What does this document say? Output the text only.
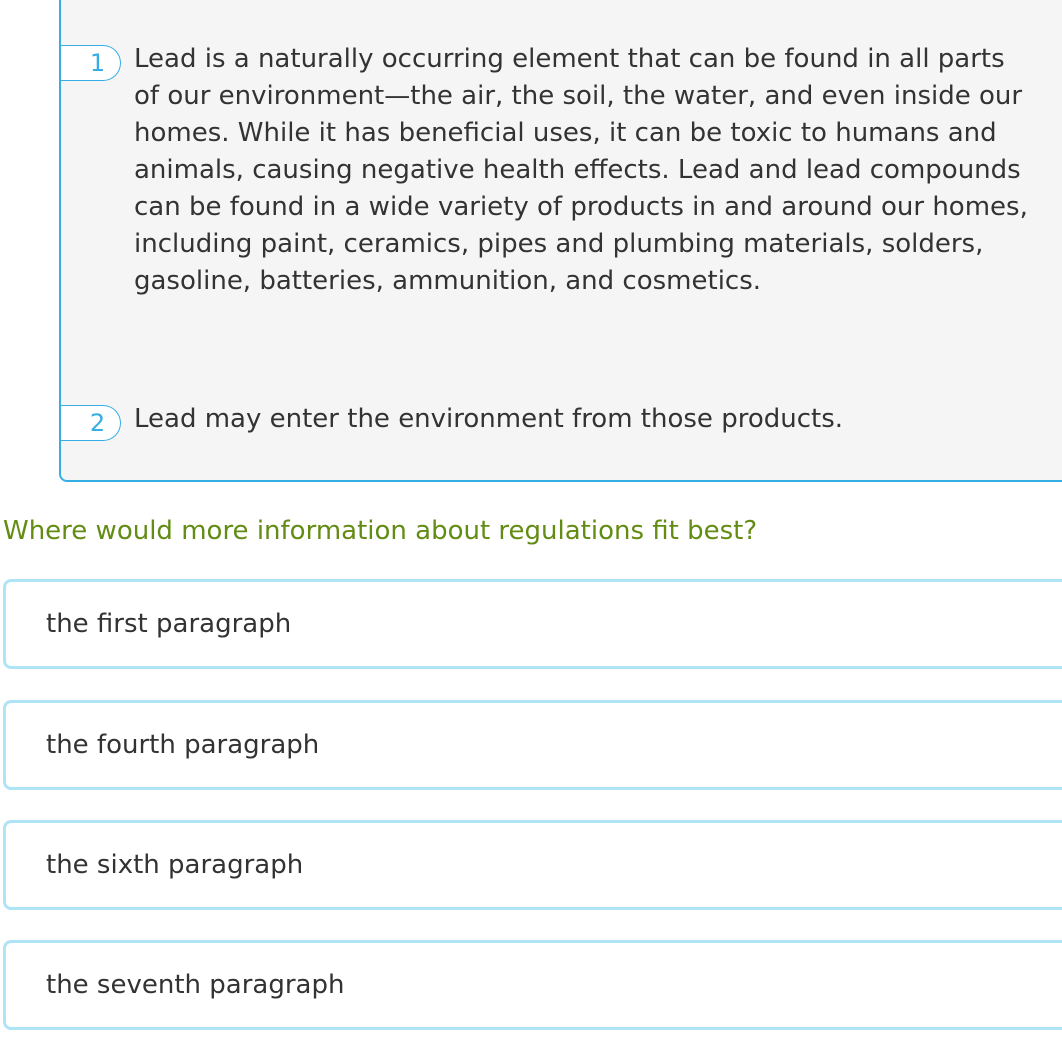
1	Lead is a naturally occurring element that can be found in all parts of our environment—the air, the soil, the water, and even inside our homes. While it has beneficial uses, it can be toxic to humans and animals, causing negative health effects. Lead and lead compounds can be found in a wide variety of products in and around our homes, including paint, ceramics, pipes and plumbing materials, solders, gasoline, batteries, ammunition, and cosmetics.

2	Lead may enter the environment from those products.

Where would more information about regulations fit best?
the first paragraph
the fourth paragraph
the sixth paragraph
the seventh paragraph
